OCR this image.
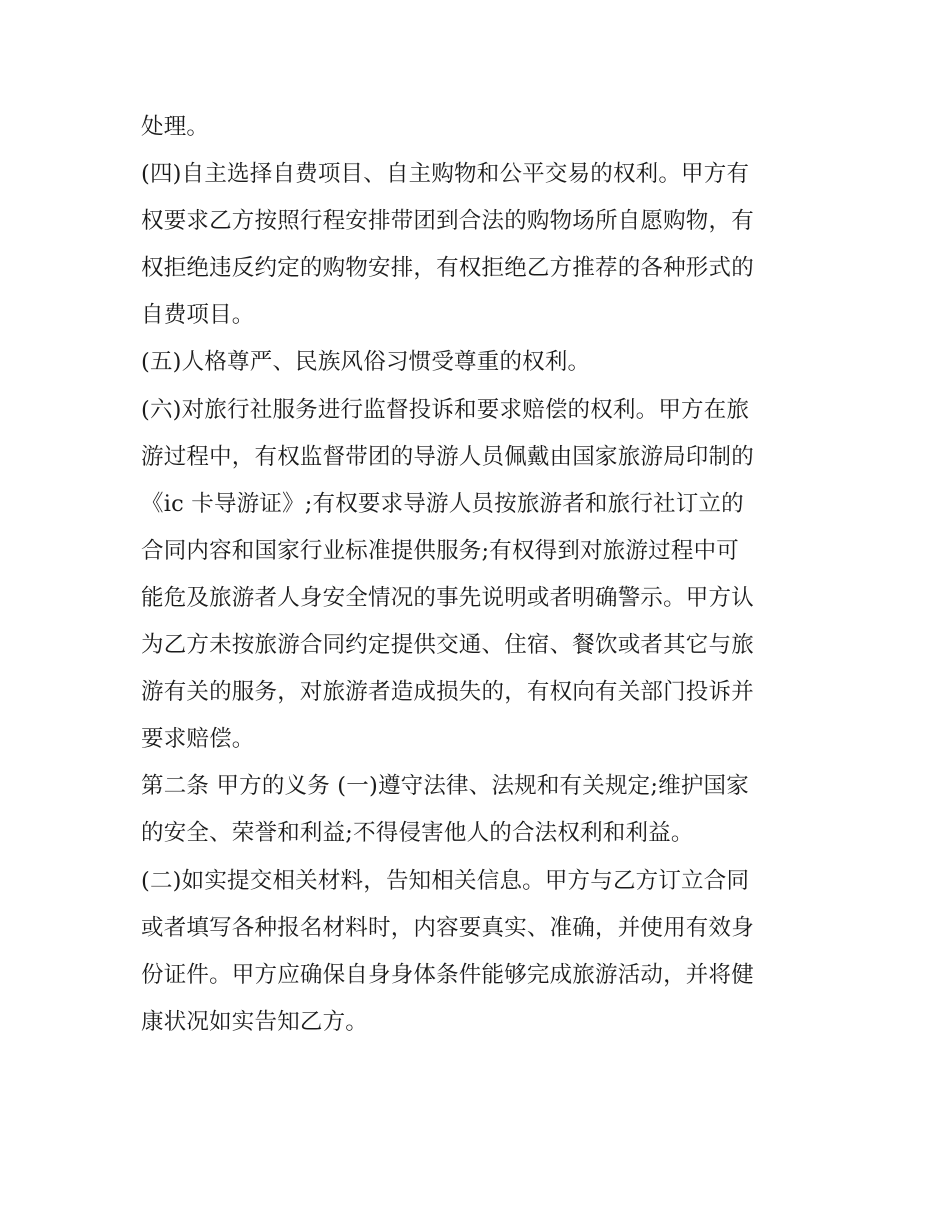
处理。
(四)自主选择自费项目、自主购物和公平交易的权利。甲方有
权要求乙方按照行程安排带团到合法的购物场所自愿购物，有
权拒绝违反约定的购物安排，有权拒绝乙方推荐的各种形式的
自费项目。
(五)人格尊严、民族风俗习惯受尊重的权利。
(六)对旅行社服务进行监督投诉和要求赔偿的权利。甲方在旅
游过程中，有权监督带团的导游人员佩戴由国家旅游局印制的
《ic 卡导游证》;有权要求导游人员按旅游者和旅行社订立的
合同内容和国家行业标准提供服务;有权得到对旅游过程中可
能危及旅游者人身安全情况的事先说明或者明确警示。甲方认
为乙方未按旅游合同约定提供交通、住宿、餐饮或者其它与旅
游有关的服务，对旅游者造成损失的，有权向有关部门投诉并
要求赔偿。
第二条 甲方的义务 (一)遵守法律、法规和有关规定;维护国家
的安全、荣誉和利益;不得侵害他人的合法权利和利益。
(二)如实提交相关材料，告知相关信息。甲方与乙方订立合同
或者填写各种报名材料时，内容要真实、准确，并使用有效身
份证件。甲方应确保自身身体条件能够完成旅游活动，并将健
康状况如实告知乙方。
